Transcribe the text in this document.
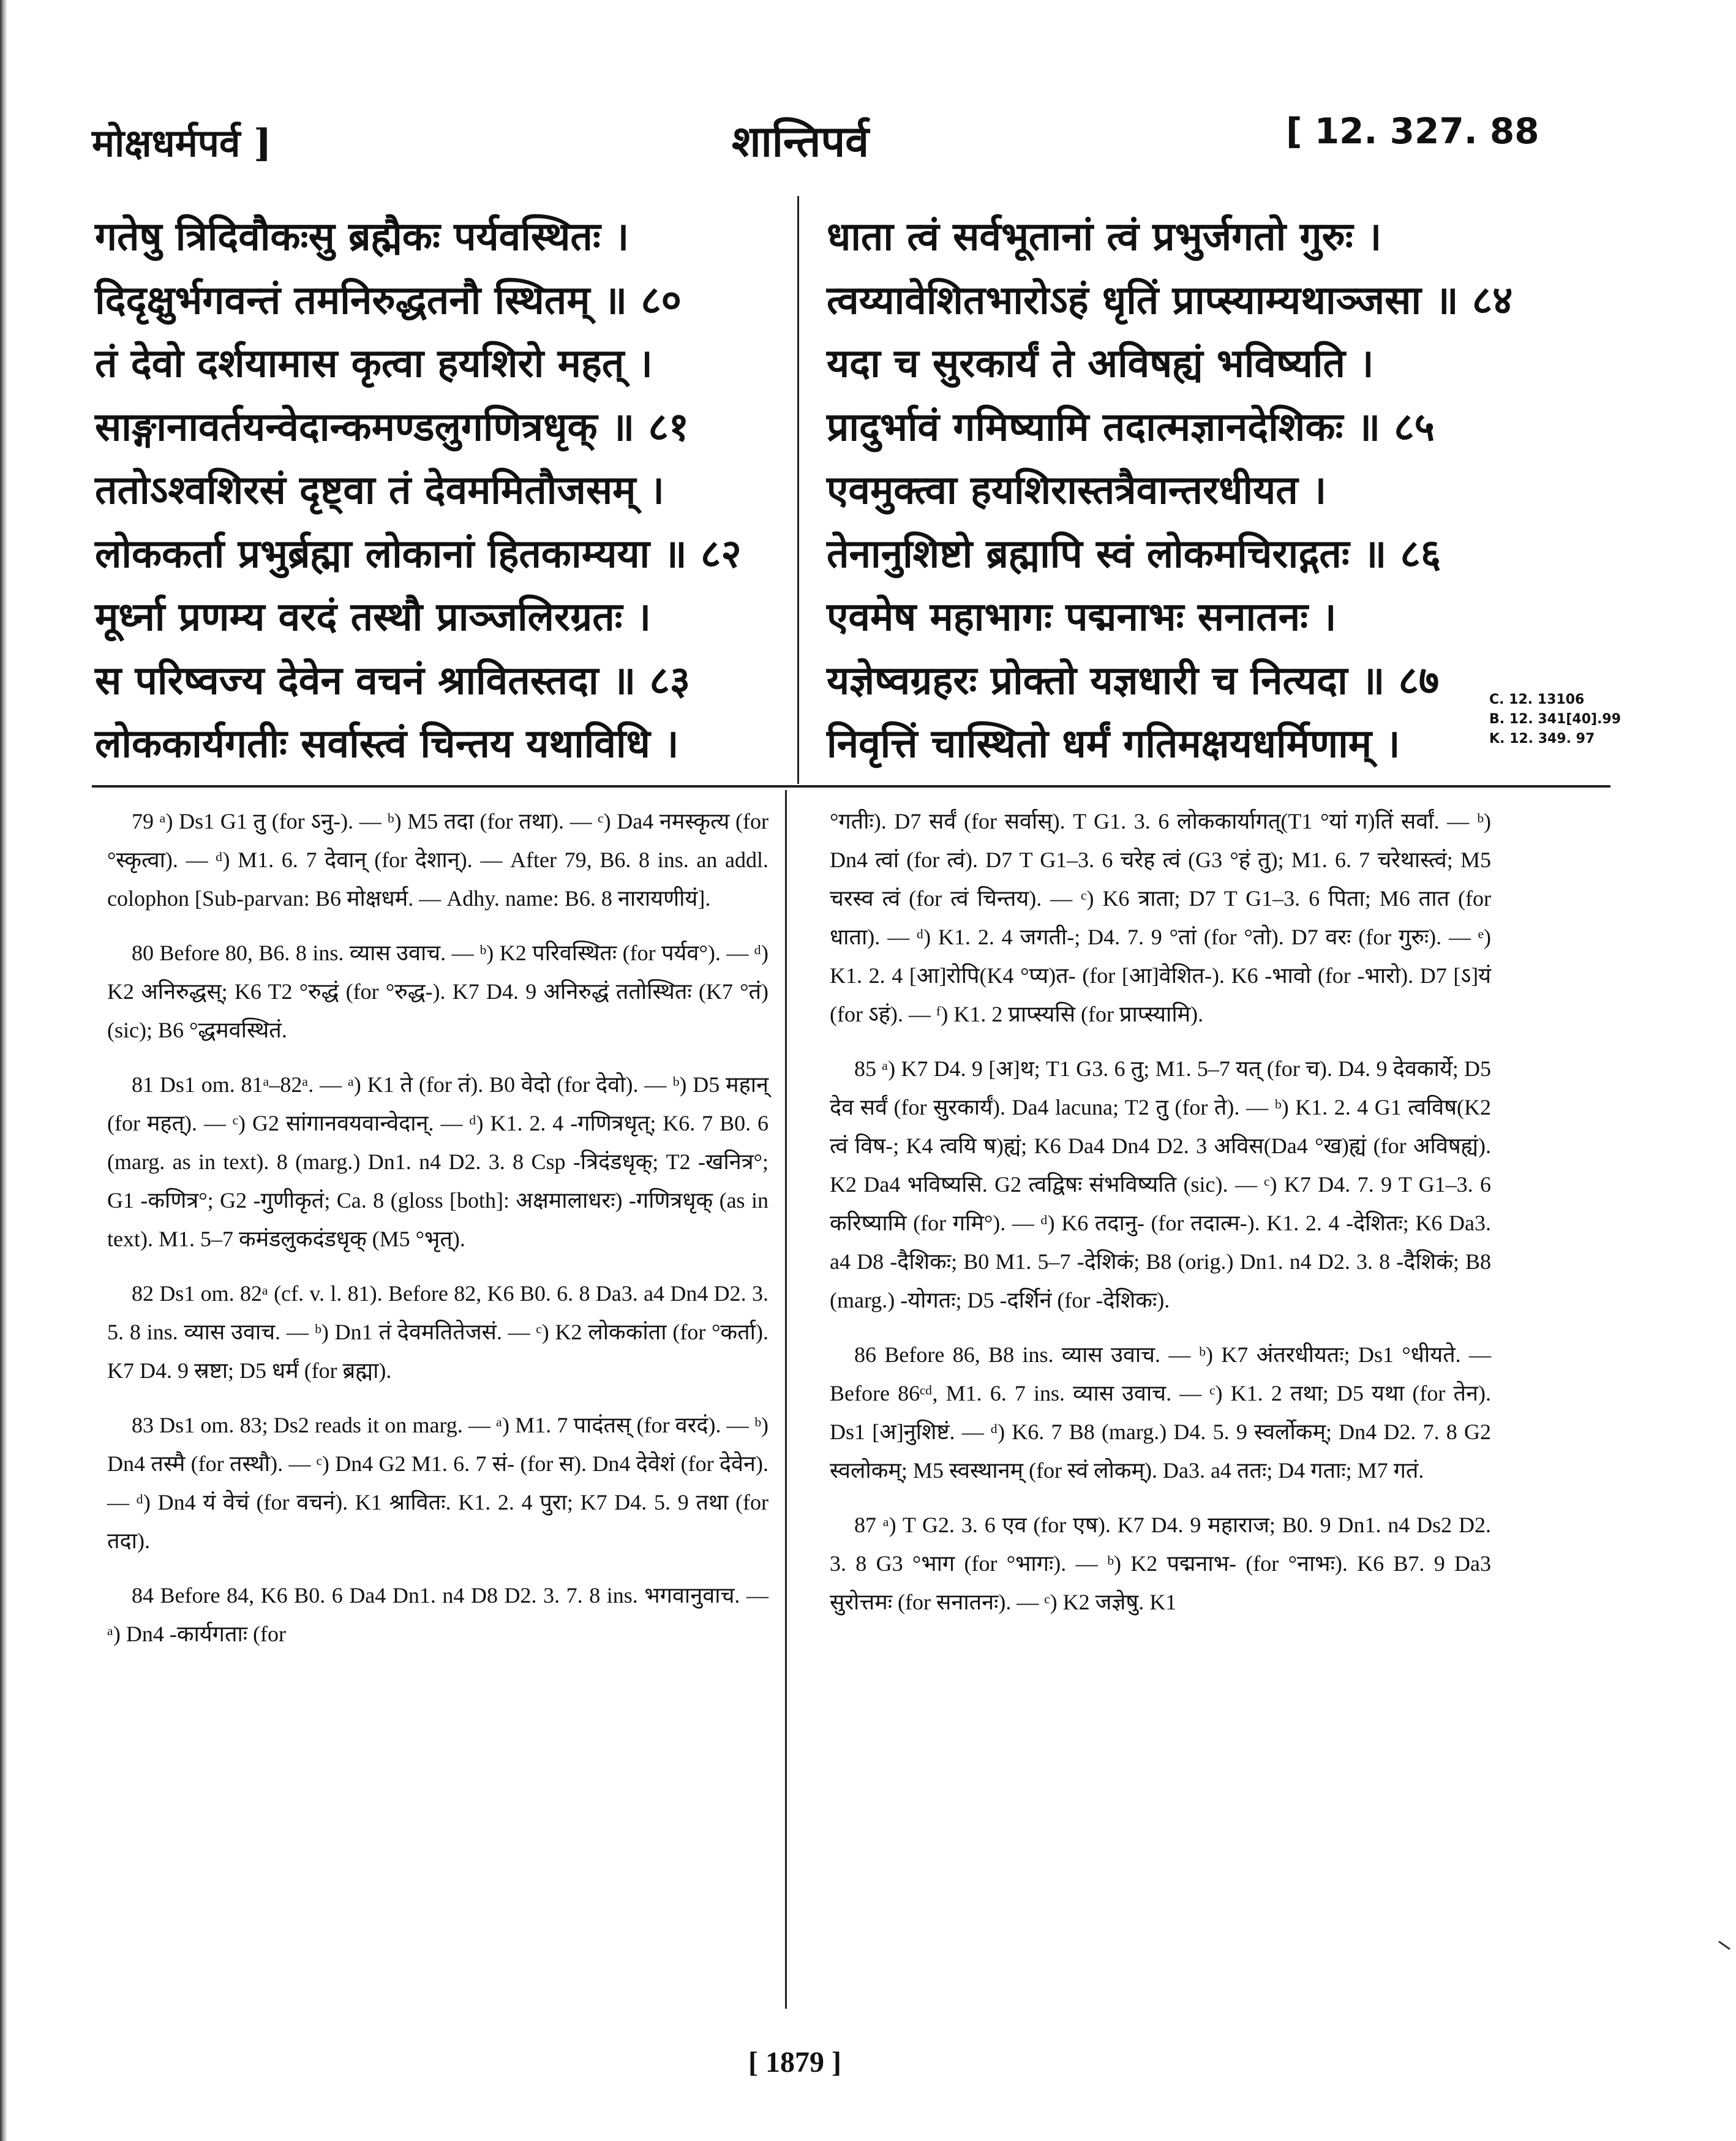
मोक्षधर्मपर्व ]	शान्तिपर्व	[ 12. 327. 88
गतेषु त्रिदिवौकःसु ब्रह्मैकः पर्यवस्थितः ।
दिदृक्षुर्भगवन्तं तमनिरुद्धतनौ स्थितम् ॥ ८०
तं देवो दर्शयामास कृत्वा हयशिरो महत् ।
साङ्गानावर्तयन्वेदान्कमण्डलुगणित्रधृक् ॥ ८१
ततोऽश्वशिरसं दृष्ट्वा तं देवममितौजसम् ।
लोककर्ता प्रभुर्ब्रह्मा लोकानां हितकाम्यया ॥ ८२
मूर्ध्ना प्रणम्य वरदं तस्थौ प्राञ्जलिरग्रतः ।
स परिष्वज्य देवेन वचनं श्रावितस्तदा ॥ ८३
लोककार्यगतीः सर्वास्त्वं चिन्तय यथाविधि ।
धाता त्वं सर्वभूतानां त्वं प्रभुर्जगतो गुरुः ।
त्वय्यावेशितभारोऽहं धृतिं प्राप्स्याम्यथाञ्जसा ॥ ८४
यदा च सुरकार्यं ते अविषह्यं भविष्यति ।
प्रादुर्भावं गमिष्यामि तदात्मज्ञानदेशिकः ॥ ८५
एवमुक्त्वा हयशिरास्तत्रैवान्तरधीयत ।
तेनानुशिष्टो ब्रह्मापि स्वं लोकमचिराद्गतः ॥ ८६
एवमेष महाभागः पद्मनाभः सनातनः ।
यज्ञेष्वग्रहरः प्रोक्तो यज्ञधारी च नित्यदा ॥ ८७
निवृत्तिं चास्थितो धर्मं गतिमक्षयधर्मिणाम् ।
C. 12. 13106
B. 12. 341[40].99
K. 12. 349. 97

79 ᵃ) Ds1 G1 तु (for ऽनु-). — ᵇ) M5 तदा (for तथा). — ᶜ) Da4 नमस्कृत्य (for °स्कृत्वा). — ᵈ) M1. 6. 7 देवान् (for देशान्). — After 79, B6. 8 ins. an addl. colophon [Sub-parvan: B6 मोक्षधर्म. — Adhy. name: B6. 8 नारायणीयं].

80 Before 80, B6. 8 ins. व्यास उवाच. — ᵇ) K2 परिवस्थितः (for पर्यव°). — ᵈ) K2 अनिरुद्धस्; K6 T2 °रुद्धं (for °रुद्ध-). K7 D4. 9 अनिरुद्धं ततोस्थितः (K7 °तं) (sic); B6 °द्धमवस्थितं.

81 Ds1 om. 81ᵃ–82ᵃ. — ᵃ) K1 ते (for तं). B0 वेदो (for देवो). — ᵇ) D5 महान् (for महत्). — ᶜ) G2 सांगानवयवान्वेदान्. — ᵈ) K1. 2. 4 -गणित्रधृत्; K6. 7 B0. 6 (marg. as in text). 8 (marg.) Dn1. n4 D2. 3. 8 Csp -त्रिदंडधृक्; T2 -खनित्र°; G1 -कणित्र°; G2 -गुणीकृतं; Ca. 8 (gloss [both]: अक्षमालाधरः) -गणित्रधृक् (as in text). M1. 5–7 कमंडलुकदंडधृक् (M5 °भृत्).

82 Ds1 om. 82ᵃ (cf. v. l. 81). Before 82, K6 B0. 6. 8 Da3. a4 Dn4 D2. 3. 5. 8 ins. व्यास उवाच. — ᵇ) Dn1 तं देवमतितेजसं. — ᶜ) K2 लोककांता (for °कर्ता). K7 D4. 9 स्रष्टा; D5 धर्मं (for ब्रह्मा).

83 Ds1 om. 83; Ds2 reads it on marg. — ᵃ) M1. 7 पादंतस् (for वरदं). — ᵇ) Dn4 तस्मै (for तस्थौ). — ᶜ) Dn4 G2 M1. 6. 7 सं- (for स). Dn4 देवेशं (for देवेन). — ᵈ) Dn4 यं वेचं (for वचनं). K1 श्रावितः. K1. 2. 4 पुरा; K7 D4. 5. 9 तथा (for तदा).

84 Before 84, K6 B0. 6 Da4 Dn1. n4 D8 D2. 3. 7. 8 ins. भगवानुवाच. — ᵃ) Dn4 -कार्यगताः (for

°गतीः). D7 सर्वं (for सर्वास्). T G1. 3. 6 लोककार्यागत्(T1 °यां ग)तिं सर्वां. — ᵇ) Dn4 त्वां (for त्वं). D7 T G1–3. 6 चरेह त्वं (G3 °हं तु); M1. 6. 7 चरेथास्त्वं; M5 चरस्व त्वं (for त्वं चिन्तय). — ᶜ) K6 त्राता; D7 T G1–3. 6 पिता; M6 तात (for धाता). — ᵈ) K1. 2. 4 जगती-; D4. 7. 9 °तां (for °तो). D7 वरः (for गुरुः). — ᵉ) K1. 2. 4 [आ]रोपि(K4 °प्य)त- (for [आ]वेशित-). K6 -भावो (for -भारो). D7 [ऽ]यं (for ऽहं). — ᶠ) K1. 2 प्राप्स्यसि (for प्राप्स्यामि).

85 ᵃ) K7 D4. 9 [अ]थ; T1 G3. 6 तु; M1. 5–7 यत् (for च). D4. 9 देवकार्ये; D5 देव सर्वं (for सुरकार्यं). Da4 lacuna; T2 तु (for ते). — ᵇ) K1. 2. 4 G1 त्वविष(K2 त्वं विष-; K4 त्वयि ष)ह्यं; K6 Da4 Dn4 D2. 3 अविस(Da4 °ख)ह्यं (for अविषह्यं). K2 Da4 भविष्यसि. G2 त्वद्विषः संभविष्यति (sic). — ᶜ) K7 D4. 7. 9 T G1–3. 6 करिष्यामि (for गमि°). — ᵈ) K6 तदानु- (for तदात्म-). K1. 2. 4 -देशितः; K6 Da3. a4 D8 -दैशिकः; B0 M1. 5–7 -देशिकं; B8 (orig.) Dn1. n4 D2. 3. 8 -दैशिकं; B8 (marg.) -योगतः; D5 -दर्शिनं (for -देशिकः).

86 Before 86, B8 ins. व्यास उवाच. — ᵇ) K7 अंतरधीयतः; Ds1 °धीयते. — Before 86ᶜᵈ, M1. 6. 7 ins. व्यास उवाच. — ᶜ) K1. 2 तथा; D5 यथा (for तेन). Ds1 [अ]नुशिष्टं. — ᵈ) K6. 7 B8 (marg.) D4. 5. 9 स्वर्लोकम्; Dn4 D2. 7. 8 G2 स्वलोकम्; M5 स्वस्थानम् (for स्वं लोकम्). Da3. a4 ततः; D4 गताः; M7 गतं.

87 ᵃ) T G2. 3. 6 एव (for एष). K7 D4. 9 महाराज; B0. 9 Dn1. n4 Ds2 D2. 3. 8 G3 °भाग (for °भागः). — ᵇ) K2 पद्मनाभ- (for °नाभः). K6 B7. 9 Da3 सुरोत्तमः (for सनातनः). — ᶜ) K2 जज्ञेषु. K1

[ 1879 ]
